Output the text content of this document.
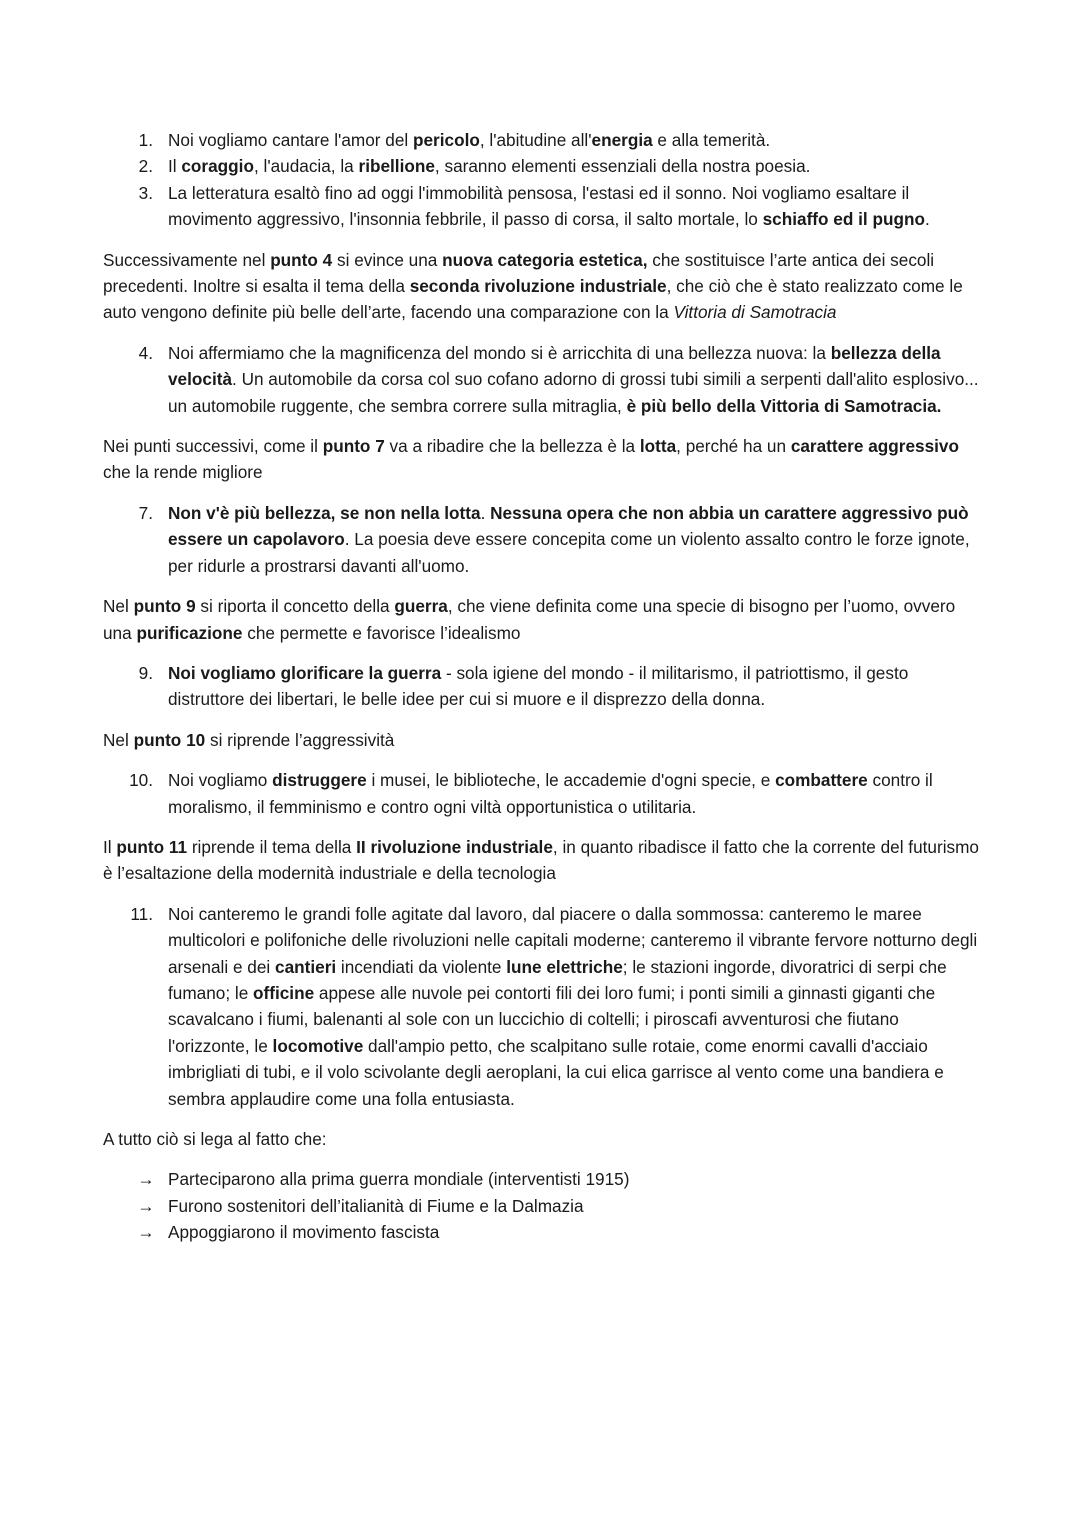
1. Noi vogliamo cantare l'amor del pericolo, l'abitudine all'energia e alla temerità.
2. Il coraggio, l'audacia, la ribellione, saranno elementi essenziali della nostra poesia.
3. La letteratura esaltò fino ad oggi l'immobilità pensosa, l'estasi ed il sonno. Noi vogliamo esaltare il movimento aggressivo, l'insonnia febbrile, il passo di corsa, il salto mortale, lo schiaffo ed il pugno.

Successivamente nel punto 4 si evince una nuova categoria estetica, che sostituisce l’arte antica dei secoli precedenti. Inoltre si esalta il tema della seconda rivoluzione industriale, che ciò che è stato realizzato come le auto vengono definite più belle dell’arte, facendo una comparazione con la Vittoria di Samotracia

4. Noi affermiamo che la magnificenza del mondo si è arricchita di una bellezza nuova: la bellezza della velocità. Un automobile da corsa col suo cofano adorno di grossi tubi simili a serpenti dall'alito esplosivo... un automobile ruggente, che sembra correre sulla mitraglia, è più bello della Vittoria di Samotracia.

Nei punti successivi, come il punto 7 va a ribadire che la bellezza è la lotta, perché ha un carattere aggressivo che la rende migliore

7. Non v'è più bellezza, se non nella lotta. Nessuna opera che non abbia un carattere aggressivo può essere un capolavoro. La poesia deve essere concepita come un violento assalto contro le forze ignote, per ridurle a prostrarsi davanti all'uomo.

Nel punto 9 si riporta il concetto della guerra, che viene definita come una specie di bisogno per l’uomo, ovvero una purificazione che permette e favorisce l’idealismo

9. Noi vogliamo glorificare la guerra - sola igiene del mondo - il militarismo, il patriottismo, il gesto distruttore dei libertari, le belle idee per cui si muore e il disprezzo della donna.

Nel punto 10 si riprende l’aggressività

10. Noi vogliamo distruggere i musei, le biblioteche, le accademie d'ogni specie, e combattere contro il moralismo, il femminismo e contro ogni viltà opportunistica o utilitaria.

Il punto 11 riprende il tema della II rivoluzione industriale, in quanto ribadisce il fatto che la corrente del futurismo è l’esaltazione della modernità industriale e della tecnologia

11. Noi canteremo le grandi folle agitate dal lavoro, dal piacere o dalla sommossa: canteremo le maree multicolori e polifoniche delle rivoluzioni nelle capitali moderne; canteremo il vibrante fervore notturno degli arsenali e dei cantieri incendiati da violente lune elettriche; le stazioni ingorde, divoratrici di serpi che fumano; le officine appese alle nuvole pei contorti fili dei loro fumi; i ponti simili a ginnasti giganti che scavalcano i fiumi, balenanti al sole con un luccichio di coltelli; i piroscafi avventurosi che fiutano l'orizzonte, le locomotive dall'ampio petto, che scalpitano sulle rotaie, come enormi cavalli d'acciaio imbrigliati di tubi, e il volo scivolante degli aeroplani, la cui elica garrisce al vento come una bandiera e sembra applaudire come una folla entusiasta.

A tutto ciò si lega al fatto che:

→ Parteciparono alla prima guerra mondiale (interventisti 1915)
→ Furono sostenitori dell’italianità di Fiume e la Dalmazia
→ Appoggiarono il movimento fascista
